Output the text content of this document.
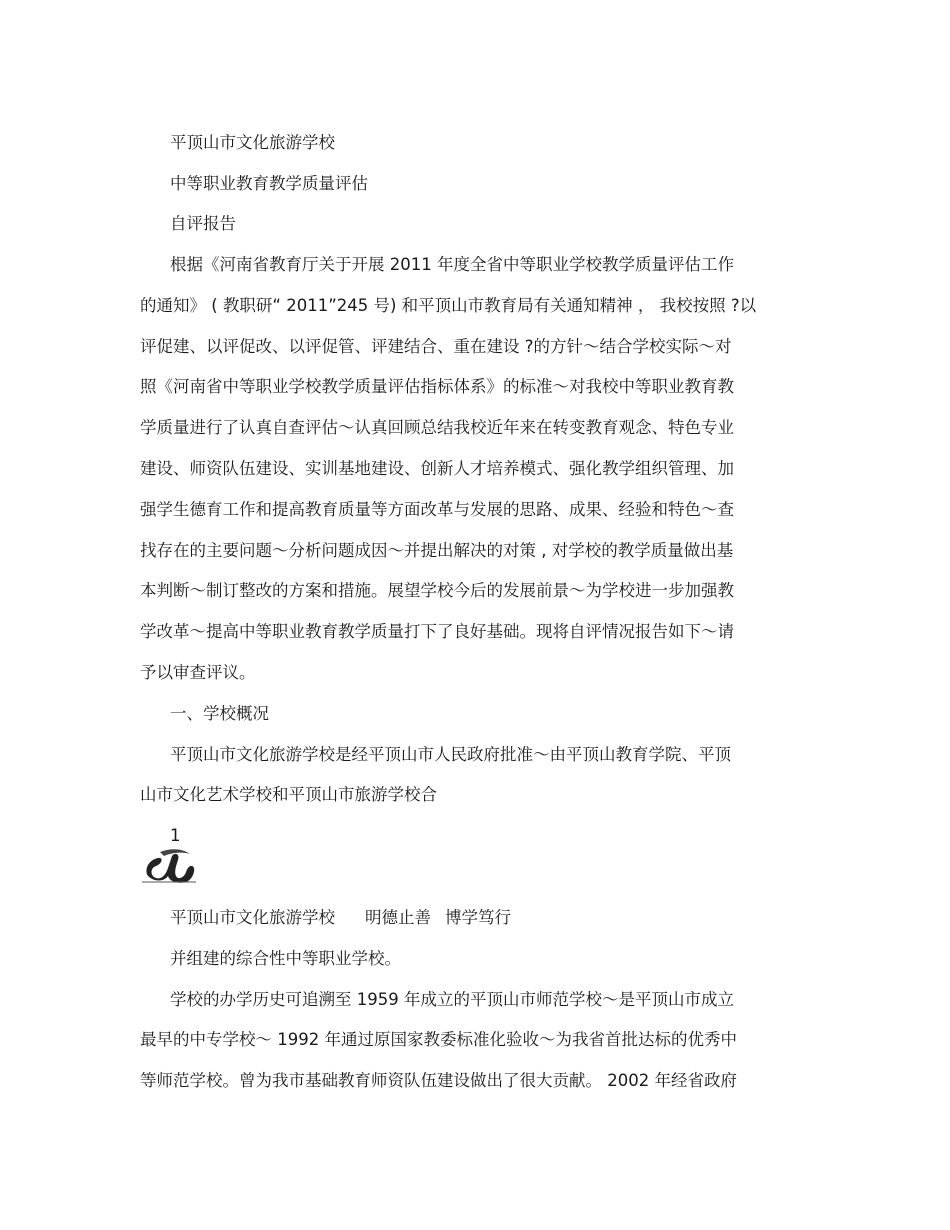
平顶山市文化旅游学校
中等职业教育教学质量评估
自评报告
根据《河南省教育厅关于开展 2011 年度全省中等职业学校教学质量评估工作
的通知》 ( 教职研“ 2011”245 号) 和平顶山市教育局有关通知精神 ， 我校按照 ?以
评促建、以评促改、以评促管、评建结合、重在建设 ?的方针～结合学校实际～对
照《河南省中等职业学校教学质量评估指标体系》的标准～对我校中等职业教育教
学质量进行了认真自查评估～认真回顾总结我校近年来在转变教育观念、特色专业
建设、师资队伍建设、实训基地建设、创新人才培养模式、强化教学组织管理、加
强学生德育工作和提高教育质量等方面改革与发展的思路、成果、经验和特色～查
找存在的主要问题～分析问题成因～并提出解决的对策 , 对学校的教学质量做出基
本判断～制订整改的方案和措施。展望学校今后的发展前景～为学校进一步加强教
学改革～提高中等职业教育教学质量打下了良好基础。现将自评情况报告如下～请
予以审查评议。
一、学校概况
平顶山市文化旅游学校是经平顶山市人民政府批准～由平顶山教育学院、平顶
山市文化艺术学校和平顶山市旅游学校合
1
平顶山市文化旅游学校 明德止善 博学笃行
并组建的综合性中等职业学校。
学校的办学历史可追溯至 1959 年成立的平顶山市师范学校～是平顶山市成立
最早的中专学校～ 1992 年通过原国家教委标准化验收～为我省首批达标的优秀中
等师范学校。曾为我市基础教育师资队伍建设做出了很大贡献。 2002 年经省政府
